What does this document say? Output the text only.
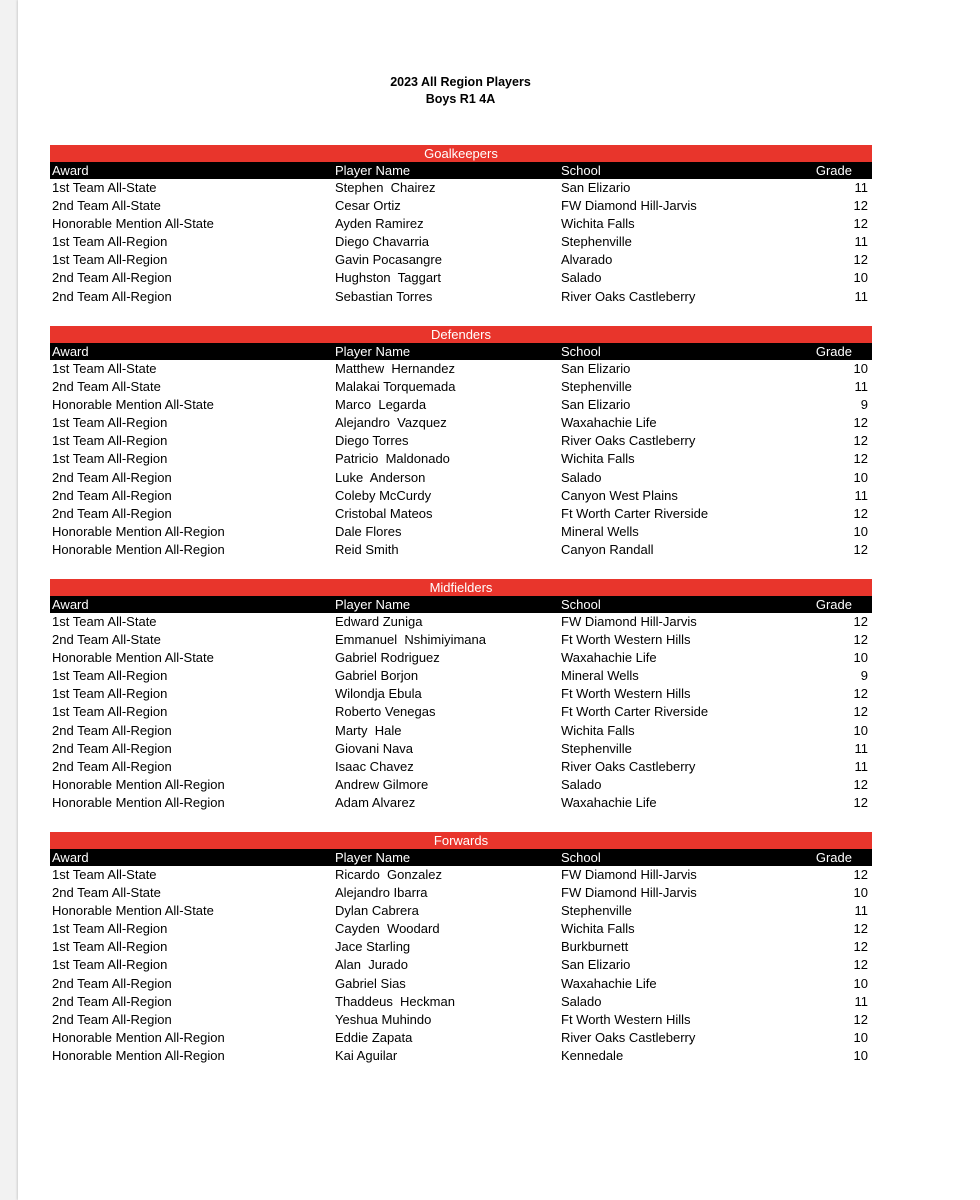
2023 All Region Players
Boys R1 4A
Goalkeepers
Award	Player Name	School	Grade
1st Team All-State	Stephen  Chairez	San Elizario	11
2nd Team All-State	Cesar Ortiz	FW Diamond Hill-Jarvis	12
Honorable Mention All-State	Ayden Ramirez	Wichita Falls	12
1st Team All-Region	Diego Chavarria	Stephenville	11
1st Team All-Region	Gavin Pocasangre	Alvarado	12
2nd Team All-Region	Hughston  Taggart	Salado	10
2nd Team All-Region	Sebastian Torres	River Oaks Castleberry	11
Defenders
Award	Player Name	School	Grade
1st Team All-State	Matthew  Hernandez	San Elizario	10
2nd Team All-State	Malakai Torquemada	Stephenville	11
Honorable Mention All-State	Marco  Legarda	San Elizario	9
1st Team All-Region	Alejandro  Vazquez	Waxahachie Life	12
1st Team All-Region	Diego Torres	River Oaks Castleberry	12
1st Team All-Region	Patricio  Maldonado	Wichita Falls	12
2nd Team All-Region	Luke  Anderson	Salado	10
2nd Team All-Region	Coleby McCurdy	Canyon West Plains	11
2nd Team All-Region	Cristobal Mateos	Ft Worth Carter Riverside	12
Honorable Mention All-Region	Dale Flores	Mineral Wells	10
Honorable Mention All-Region	Reid Smith	Canyon Randall	12
Midfielders
Award	Player Name	School	Grade
1st Team All-State	Edward Zuniga	FW Diamond Hill-Jarvis	12
2nd Team All-State	Emmanuel  Nshimiyimana	Ft Worth Western Hills	12
Honorable Mention All-State	Gabriel Rodriguez	Waxahachie Life	10
1st Team All-Region	Gabriel Borjon	Mineral Wells	9
1st Team All-Region	Wilondja Ebula	Ft Worth Western Hills	12
1st Team All-Region	Roberto Venegas	Ft Worth Carter Riverside	12
2nd Team All-Region	Marty  Hale	Wichita Falls	10
2nd Team All-Region	Giovani Nava	Stephenville	11
2nd Team All-Region	Isaac Chavez	River Oaks Castleberry	11
Honorable Mention All-Region	Andrew Gilmore	Salado	12
Honorable Mention All-Region	Adam Alvarez	Waxahachie Life	12
Forwards
Award	Player Name	School	Grade
1st Team All-State	Ricardo  Gonzalez	FW Diamond Hill-Jarvis	12
2nd Team All-State	Alejandro Ibarra	FW Diamond Hill-Jarvis	10
Honorable Mention All-State	Dylan Cabrera	Stephenville	11
1st Team All-Region	Cayden  Woodard	Wichita Falls	12
1st Team All-Region	Jace Starling	Burkburnett	12
1st Team All-Region	Alan  Jurado	San Elizario	12
2nd Team All-Region	Gabriel Sias	Waxahachie Life	10
2nd Team All-Region	Thaddeus  Heckman	Salado	11
2nd Team All-Region	Yeshua Muhindo	Ft Worth Western Hills	12
Honorable Mention All-Region	Eddie Zapata	River Oaks Castleberry	10
Honorable Mention All-Region	Kai Aguilar	Kennedale	10
